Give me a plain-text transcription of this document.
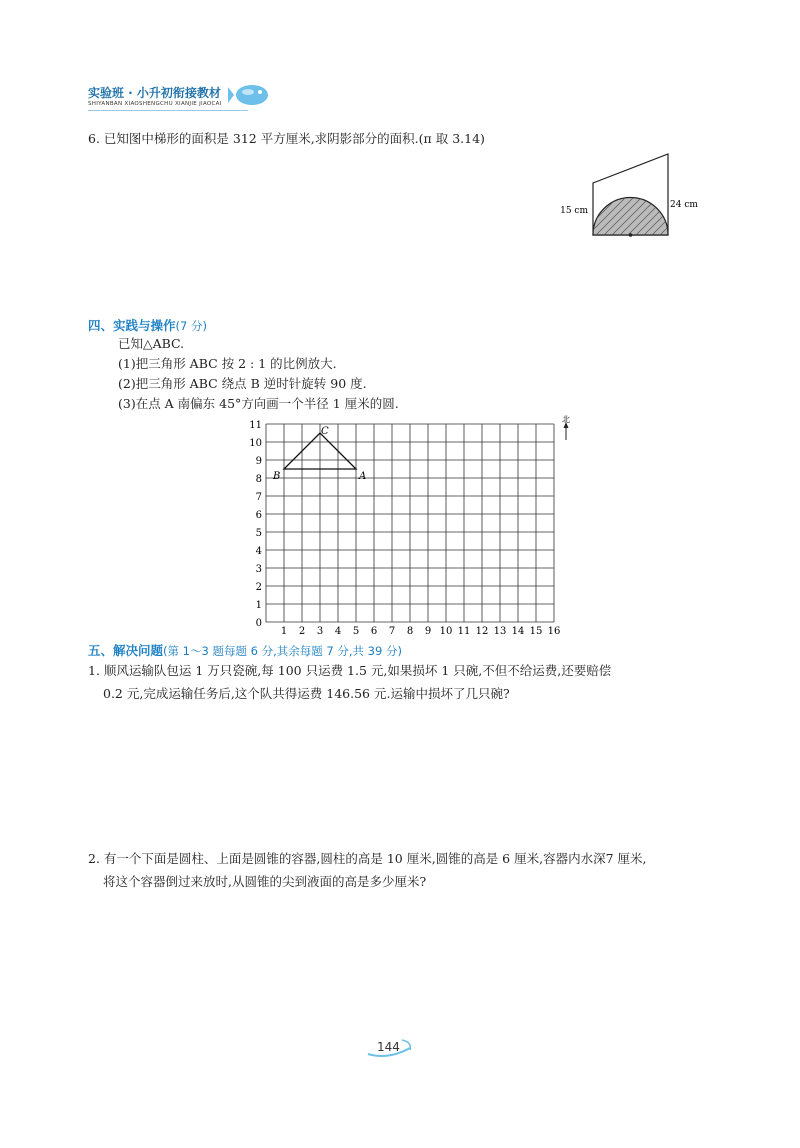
实验班 · 小升初衔接教材
SHIYANBAN XIAOSHENGCHU XIANJIE JIAOCAI
6. 已知图中梯形的面积是 312 平方厘米,求阴影部分的面积.(π 取 3.14)
15 cm
24 cm
四、实践与操作(7 分)
已知△ABC.
(1)把三角形 ABC 按 2 : 1 的比例放大.
(2)把三角形 ABC 绕点 B 逆时针旋转 90 度.
(3)在点 A 南偏东 45°方向画一个半径 1 厘米的圆.
1 2 3 4 5 6 7 8 9 10 11 12 13 14 15 16
0
1
2
3
4
5
6
7
8
9
10
11
A
B
C
北
五、解决问题(第 1～3 题每题 6 分,其余每题 7 分,共 39 分)
1. 顺风运输队包运 1 万只瓷碗,每 100 只运费 1.5 元,如果损坏 1 只碗,不但不给运费,还要赔偿
0.2 元,完成运输任务后,这个队共得运费 146.56 元.运输中损坏了几只碗?
2. 有一个下面是圆柱、上面是圆锥的容器,圆柱的高是 10 厘米,圆锥的高是 6 厘米,容器内水深7 厘米,
将这个容器倒过来放时,从圆锥的尖到液面的高是多少厘米?
144
